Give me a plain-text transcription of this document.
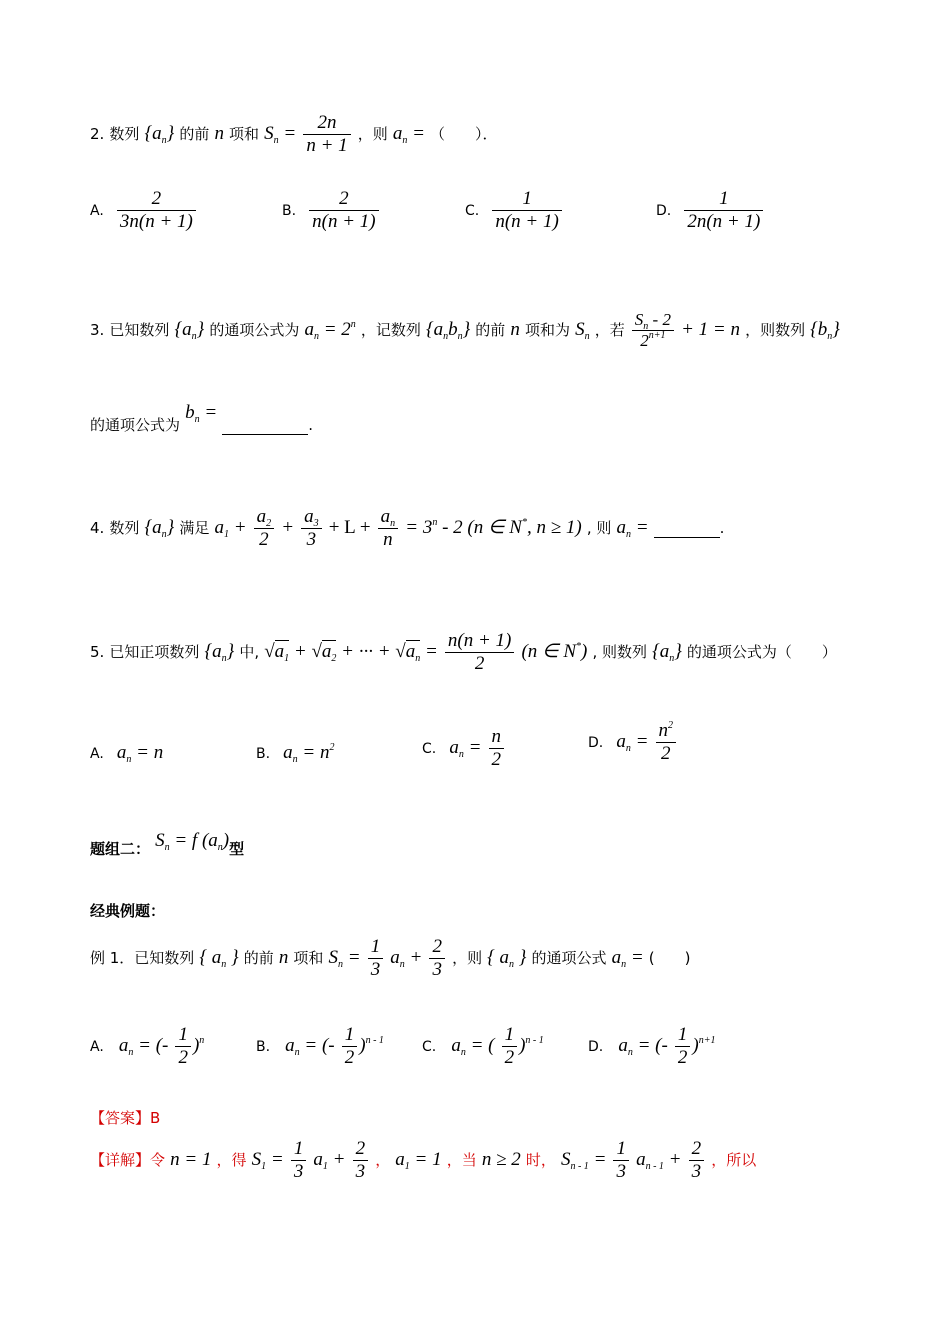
2. 数列 $\{a_n\}$ 的前 n 项和 $S_n = \frac{2n}{n + 1}$ ，则 $a_n$ = （　　）．
A. $\frac{2}{3n(n + 1)}$	B. $\frac{2}{n(n + 1)}$	C. $\frac{1}{n(n + 1)}$	D. $\frac{1}{2n(n + 1)}$
3. 已知数列 $\{a_n\}$ 的通项公式为 $a_n = 2^n$ ，记数列 $\{a_nb_n\}$ 的前 n 项和为 $S_n$ ，若 $\frac{S_n - 2}{2^{n+1}} + 1 = n$ ，则数列 $\{b_n\}$
的通项公式为 $b_n$ =  .
4. 数列 $\{a_n\}$ 满足 $a_1 + \frac{a_2}{2} + \frac{a_3}{3} + L + \frac{a_n}{n} = 3^n - 2$ (n ∈ N*, n ≥ 1) , 则 $a_n$ =	.
5. 已知正项数列 $\{a_n\}$ 中, $√a_1 + √a_2$ + ··· + $√a_n = \frac{n(n + 1)}{2} (n$ ∈ N*) , 则数列 $\{a_n\}$ 的通项公式为（　　）
A. $a_n = n$	B. $a_n = n^2$	C. $a_n = \frac{n}{2}$	D. $a_n = \frac{n^2}{2}$
题组二： $S_n = f$ $(a_n)$型
经典例题：
例 1．已知数列 { $a_n$ } 的前 n 项和 $S_n = \frac{1}{3} a_n + \frac{2}{3}$ ，则 { $a_n$ } 的通项公式 $a_n$ = (　　)
A. $a_n$ = (- $\frac{1}{2} )^n$	B. $a_n$ = (- $\frac{1}{2} )^{n - 1}$	C. $a_n$ = ( $\frac{1}{2} )^{n - 1}$	D. $a_n$ = (- $\frac{1}{2} )^{n+1}$
【答案】B
【详解】令 n = 1 ，得 $S_1 = \frac{1}{3} a_1 + \frac{2}{3}$ ， $a_1 = 1$ ，当 n ≥ 2 时， $S_{n - 1} = \frac{1}{3} a_{n - 1} + \frac{2}{3}$ ，所以
